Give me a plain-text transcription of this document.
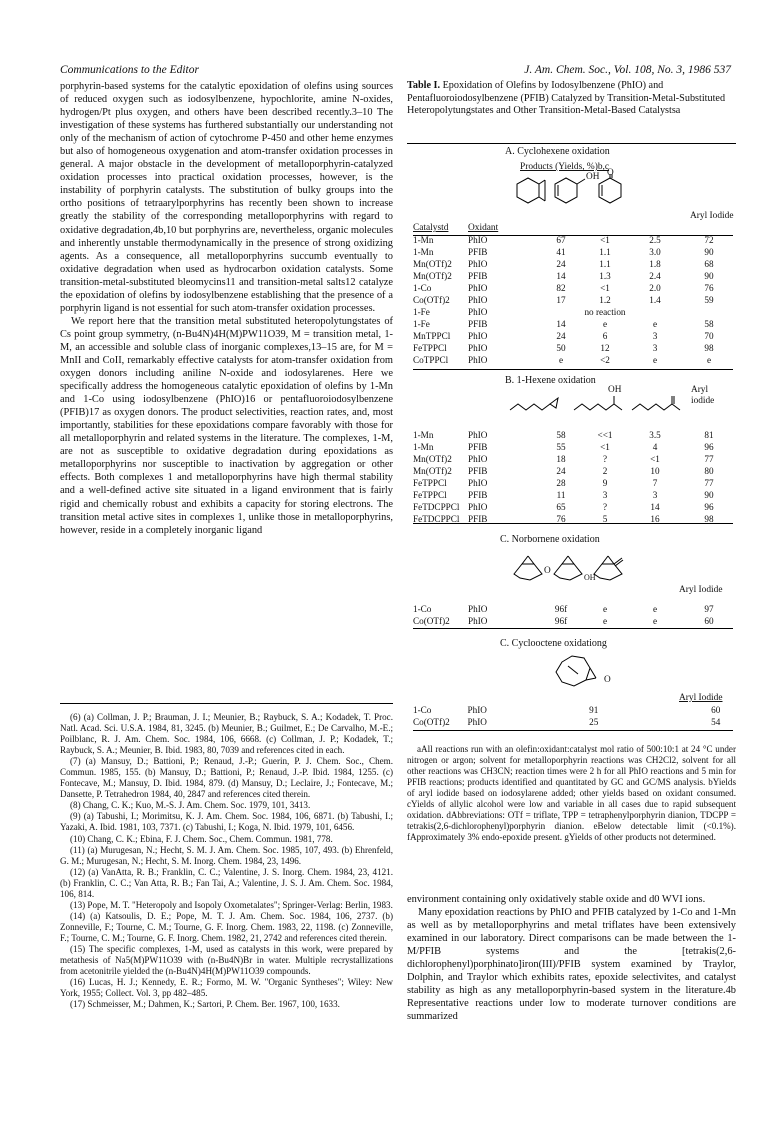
Communications to the Editor	J. Am. Chem. Soc., Vol. 108, No. 3, 1986 537

porphyrin-based systems for the catalytic epoxidation of olefins using sources of reduced oxygen such as iodosylbenzene, hypochlorite, amine N-oxides, hydrogen/Pt plus oxygen, and others have been described recently.3–10 The investigation of these systems has furthered substantially our understanding not only of the mechanism of action of cytochrome P-450 and other heme enzymes but also of homogeneous oxygenation and atom-transfer oxidation processes in general. A major obstacle in the development of metalloporphyrin-catalyzed oxidation processes into practical oxidation processes, however, is the instability of porphyrin catalysts. The substitution of bulky groups into the ortho positions of tetraarylporphyrins has recently been shown to increase greatly the stability of the corresponding metalloporphyrins with regard to oxidative degradation,4b,10 but porphyrins are, nevertheless, organic molecules and inherently unstable thermodynamically in the presence of strong oxidizing agents. As a consequence, all metalloporphyrins succumb eventually to oxidative degradation when used as hydrocarbon oxidation catalysts. Some transition-metal-substituted bleomycins11 and transition-metal salts12 catalyze the epoxidation of olefins by iodosylbenzene establishing that the presence of a porphyrin ligand is not essential for such atom-transfer oxidation processes.

We report here that the transition metal substituted heteropolytungstates of Cs point group symmetry, (n-Bu4N)4H(M)PW11O39, M = transition metal, 1-M, an accessible and soluble class of inorganic complexes,13–15 are, for M = MnII and CoII, remarkably effective catalysts for atom-transfer oxidation from oxygen donors including aniline N-oxide and iodosylarenes. Here we specifically address the homogeneous catalytic epoxidation of olefins by 1-Mn and 1-Co using iodosylbenzene (PhIO)16 or pentafluoroiodosylbenzene (PFIB)17 as oxygen donors. The product selectivities, reaction rates, and, most importantly, stabilities for these epoxidations compare favorably with those for all metalloporphyrin and related systems in the literature. The complexes, 1-M, are not as susceptible to oxidative degradation during epoxidations as metalloporphyrins nor susceptible to inactivation by aggregation or other effects. Both complexes 1 and metalloporphyrins have high thermal stability and a well-defined active site situated in a ligand environment that is fairly rigid and chemically robust and exhibits a capacity for storing electrons. The transition metal active sites in complexes 1, unlike those in metalloporphyrins, however, reside in a completely inorganic ligand

(6) (a) Collman, J. P.; Brauman, J. I.; Meunier, B.; Raybuck, S. A.; Kodadek, T. Proc. Natl. Acad. Sci. U.S.A. 1984, 81, 3245. (b) Meunier, B.; Guilmet, E.; De Carvalho, M.-E.; Poilblanc, R. J. Am. Chem. Soc. 1984, 106, 6668. (c) Collman, J. P.; Kodadek, T.; Raybuck, S. A.; Meunier, B. Ibid. 1983, 80, 7039 and references cited in each.

(7) (a) Mansuy, D.; Battioni, P.; Renaud, J.-P.; Guerin, P. J. Chem. Soc., Chem. Commun. 1985, 155. (b) Mansuy, D.; Battioni, P.; Renaud, J.-P. Ibid. 1984, 1255. (c) Fontecave, M.; Mansuy, D. Ibid. 1984, 879. (d) Mansuy, D.; Leclaire, J.; Fontecave, M.; Dansette, P. Tetrahedron 1984, 40, 2847 and references cited therein.

(8) Chang, C. K.; Kuo, M.-S. J. Am. Chem. Soc. 1979, 101, 3413.

(9) (a) Tabushi, I.; Morimitsu, K. J. Am. Chem. Soc. 1984, 106, 6871. (b) Tabushi, I.; Yazaki, A. Ibid. 1981, 103, 7371. (c) Tabushi, I.; Koga, N. Ibid. 1979, 101, 6456.

(10) Chang, C. K.; Ebina, F. J. Chem. Soc., Chem. Commun. 1981, 778.

(11) (a) Murugesan, N.; Hecht, S. M. J. Am. Chem. Soc. 1985, 107, 493. (b) Ehrenfeld, G. M.; Murugesan, N.; Hecht, S. M. Inorg. Chem. 1984, 23, 1496.

(12) (a) VanAtta, R. B.; Franklin, C. C.; Valentine, J. S. Inorg. Chem. 1984, 23, 4121. (b) Franklin, C. C.; Van Atta, R. B.; Fan Tai, A.; Valentine, J. S. J. Am. Chem. Soc. 1984, 106, 814.

(13) Pope, M. T. "Heteropoly and Isopoly Oxometalates"; Springer-Verlag: Berlin, 1983.

(14) (a) Katsoulis, D. E.; Pope, M. T. J. Am. Chem. Soc. 1984, 106, 2737. (b) Zonneville, F.; Tourne, C. M.; Tourne, G. F. Inorg. Chem. 1983, 22, 1198. (c) Zonneville, F.; Tourne, C. M.; Tourne, G. F. Inorg. Chem. 1982, 21, 2742 and references cited therein.

(15) The specific complexes, 1-M, used as catalysts in this work, were prepared by metathesis of Na5(M)PW11O39 with (n-Bu4N)Br in water. Multiple recrystallizations from acetonitrile yielded the (n-Bu4N)4H(M)PW11O39 compounds.

(16) Lucas, H. J.; Kennedy, E. R.; Formo, M. W. "Organic Syntheses"; Wiley: New York, 1955; Collect. Vol. 3, pp 482–485.

(17) Schmeisser, M.; Dahmen, K.; Sartori, P. Chem. Ber. 1967, 100, 1633.

Table I. Epoxidation of Olefins by Iodosylbenzene (PhIO) and Pentafluoroiodosylbenzene (PFIB) Catalyzed by Transition-Metal-Substituted Heteropolytungstates and Other Transition-Metal-Based Catalystsa
A. Cyclohexene oxidation
Products (Yields, %)b,c
OH O
Aryl Iodide
Catalystd Oxidant
1-Mn	PhIO	67	<1	2.5	72
1-Mn	PFIB	41	1.1	3.0	90
Mn(OTf)2	PhIO	24	1.1	1.8	68
Mn(OTf)2	PFIB	14	1.3	2.4	90
1-Co	PhIO	82	<1	2.0	76
Co(OTf)2	PhIO	17	1.2	1.4	59
1-Fe	PhIO		no reaction		
1-Fe	PFIB	14	e	e	58
MnTPPCl	PhIO	24	6	3	70
FeTPPCl	PhIO	50	12	3	98
CoTPPCl	PhIO	e	<2	e	e
B. 1-Hexene oxidation
OH	Aryl
iodide
1-Mn	PhIO	58	<<1	3.5	81
1-Mn	PFIB	55	<1	4	96
Mn(OTf)2	PhIO	18	?	<1	77
Mn(OTf)2	PFIB	24	2	10	80
FeTPPCl	PhIO	28	9	7	77
FeTPPCl	PFIB	11	3	3	90
FeTDCPPCl	PhIO	65	?	14	96
FeTDCPPCl	PFIB	76	5	16	98
C. Norbornene oxidation
O
OH
Aryl Iodide
1-Co	PhIO	96f	e	e	97
Co(OTf)2	PhIO	96f	e	e	60
C. Cyclooctene oxidationg
O
Aryl Iodide
1-Co	PhIO	91	60
Co(OTf)2	PhIO	25	54

aAll reactions run with an olefin:oxidant:catalyst mol ratio of 500:10:1 at 24 °C under nitrogen or argon; solvent for metalloporphyrin reactions was CH2Cl2, solvent for all other reactions was CH3CN; reaction times were 2 h for all PhIO reactions and 5 min for PFIB reactions; products identified and quantitated by GC and GC/MS analysis. bYields of aryl iodide based on iodosylarene added; other yields based on oxidant consumed. cYields of allylic alcohol were low and variable in all cases due to rapid subsequent oxidation. dAbbreviations: OTf = triflate, TPP = tetraphenylporphyrin dianion, TDCPP = tetrakis(2,6-dichlorophenyl)porphyrin dianion. eBelow detectable limit (<0.1%). fApproximately 3% endo-epoxide present. gYields of other products not determined.

environment containing only oxidatively stable oxide and d0 WVI ions.

Many epoxidation reactions by PhIO and PFIB catalyzed by 1-Co and 1-Mn as well as by metalloporphyrins and metal triflates have been extensively examined in our laboratory. Direct comparisons can be made between the 1-M/PFIB systems and the [tetrakis(2,6-dichlorophenyl)porphinato]iron(III)/PFIB system examined by Traylor, Dolphin, and Traylor which exhibits rates, epoxide selectivites, and catalyst stability as high as any metalloporphyrin-based system in the literature.4b Representative reactions under low to moderate turnover conditions are summarized
